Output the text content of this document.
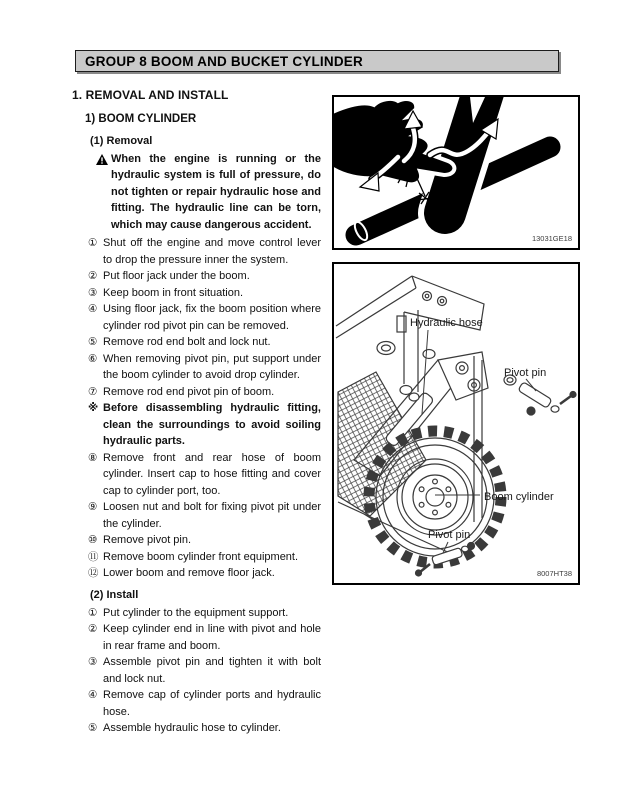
GROUP 8 BOOM AND BUCKET CYLINDER
1. REMOVAL AND INSTALL
1) BOOM CYLINDER
(1) Removal
When the engine is running or the hydraulic system is full of pressure, do not tighten or repair hydraulic hose and fitting. The hydraulic line can be torn, which may cause dangerous accident.
① Shut off the engine and move control lever to drop the pressure inner the system.
② Put floor jack under the boom.
③ Keep boom in front situation.
④ Using floor jack, fix the boom position where cylinder rod pivot pin can be removed.
⑤ Remove rod end bolt and lock nut.
⑥ When removing pivot pin, put support under the boom cylinder to avoid drop cylinder.
⑦ Remove rod end pivot pin of boom.
※ Before disassembling hydraulic fitting, clean the surroundings to avoid soiling hydraulic parts.
⑧ Remove front and rear hose of boom cylinder. Insert cap to hose fitting and cover cap to cylinder port, too.
⑨ Loosen nut and bolt for fixing pivot pit under the cylinder.
⑩ Remove pivot pin.
⑪ Remove boom cylinder front equipment.
⑫ Lower boom and remove floor jack.
(2) Install
① Put cylinder to the equipment support.
② Keep cylinder end in line with pivot and hole in rear frame and boom.
③ Assemble pivot pin and tighten it with bolt and lock nut.
④ Remove cap of cylinder ports and hydraulic hose.
⑤ Assemble hydraulic hose to cylinder.
13031GE18
Hydraulic hose
Pivot pin
Boom cylinder
Pivot pin
8007HT38
